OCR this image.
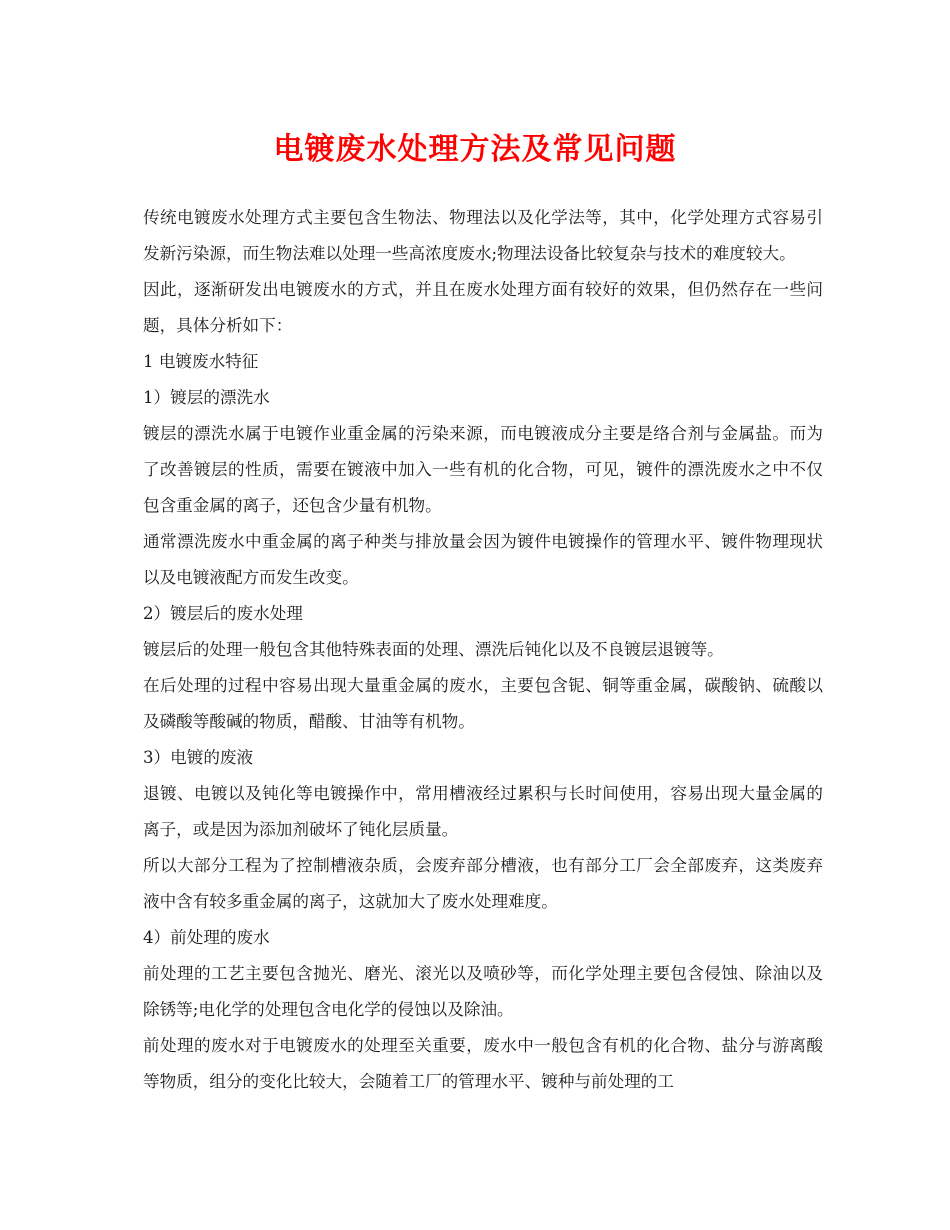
电镀废水处理方法及常见问题

传统电镀废水处理方式主要包含生物法、物理法以及化学法等，其中，化学处理方式容易引发新污染源，而生物法难以处理一些高浓度废水;物理法设备比较复杂与技术的难度较大。

因此，逐渐研发出电镀废水的方式，并且在废水处理方面有较好的效果，但仍然存在一些问题，具体分析如下：

1 电镀废水特征

1）镀层的漂洗水

镀层的漂洗水属于电镀作业重金属的污染来源，而电镀液成分主要是络合剂与金属盐。而为了改善镀层的性质，需要在镀液中加入一些有机的化合物，可见，镀件的漂洗废水之中不仅包含重金属的离子，还包含少量有机物。

通常漂洗废水中重金属的离子种类与排放量会因为镀件电镀操作的管理水平、镀件物理现状以及电镀液配方而发生改变。

2）镀层后的废水处理

镀层后的处理一般包含其他特殊表面的处理、漂洗后钝化以及不良镀层退镀等。

在后处理的过程中容易出现大量重金属的废水，主要包含铌、铜等重金属，碳酸钠、硫酸以及磷酸等酸碱的物质，醋酸、甘油等有机物。

3）电镀的废液

退镀、电镀以及钝化等电镀操作中，常用槽液经过累积与长时间使用，容易出现大量金属的离子，或是因为添加剂破坏了钝化层质量。

所以大部分工程为了控制槽液杂质，会废弃部分槽液，也有部分工厂会全部废弃，这类废弃液中含有较多重金属的离子，这就加大了废水处理难度。

4）前处理的废水

前处理的工艺主要包含抛光、磨光、滚光以及喷砂等，而化学处理主要包含侵蚀、除油以及除锈等;电化学的处理包含电化学的侵蚀以及除油。

前处理的废水对于电镀废水的处理至关重要，废水中一般包含有机的化合物、盐分与游离酸等物质，组分的变化比较大，会随着工厂的管理水平、镀种与前处理的工
